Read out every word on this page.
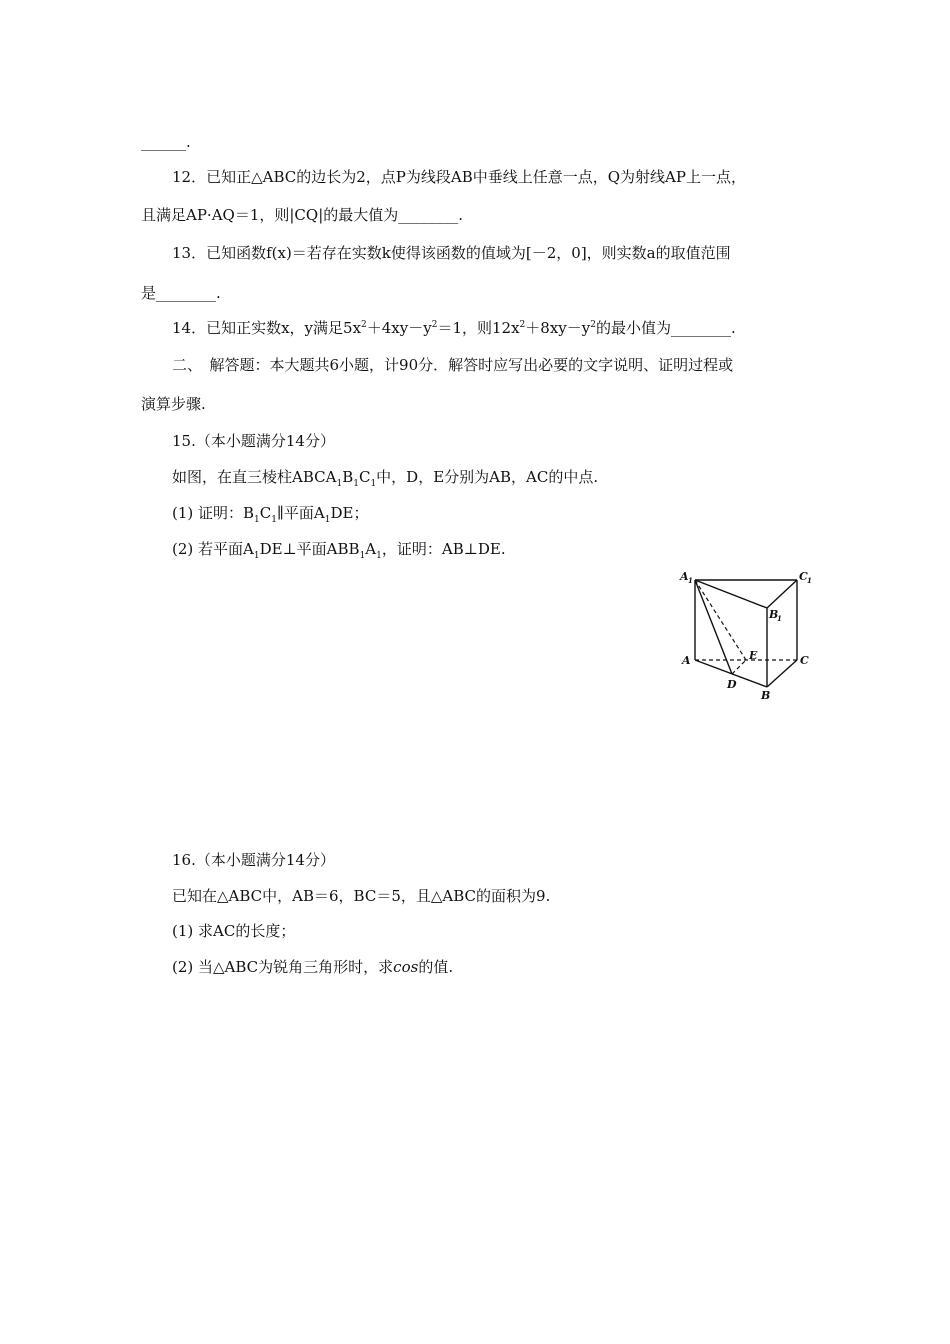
______.
12．已知正△ABC的边长为2，点P为线段AB中垂线上任意一点，Q为射线AP上一点，
且满足AP·AQ＝1，则|CQ|的最大值为________.
13．已知函数f(x)＝若存在实数k使得该函数的值域为[－2，0]，则实数a的取值范围
是________.
14．已知正实数x，y满足$5x^2+4xy-y^2=1$，则$12x^2+8xy-y^2$的最小值为________.
二、　解答题：本大题共6小题，计90分．解答时应写出必要的文字说明、证明过程或
演算步骤.
15.（本小题满分14分）
如图，在直三棱柱$ABCA_1B_1C_1$中，D，E分别为AB，AC的中点.
(1) 证明：$B_1C_1\parallel$平面$A_1DE$；
(2) 若平面$A_1DE\perp$平面$ABB_1A_1$，证明：AB⊥DE.
A 1	C 1
B
1
A	C
E
D
B
16.（本小题满分14分）
已知在△ABC中，AB＝6，BC＝5，且△ABC的面积为9.
(1) 求AC的长度；
(2) 当△ABC为锐角三角形时，求cos的值.
